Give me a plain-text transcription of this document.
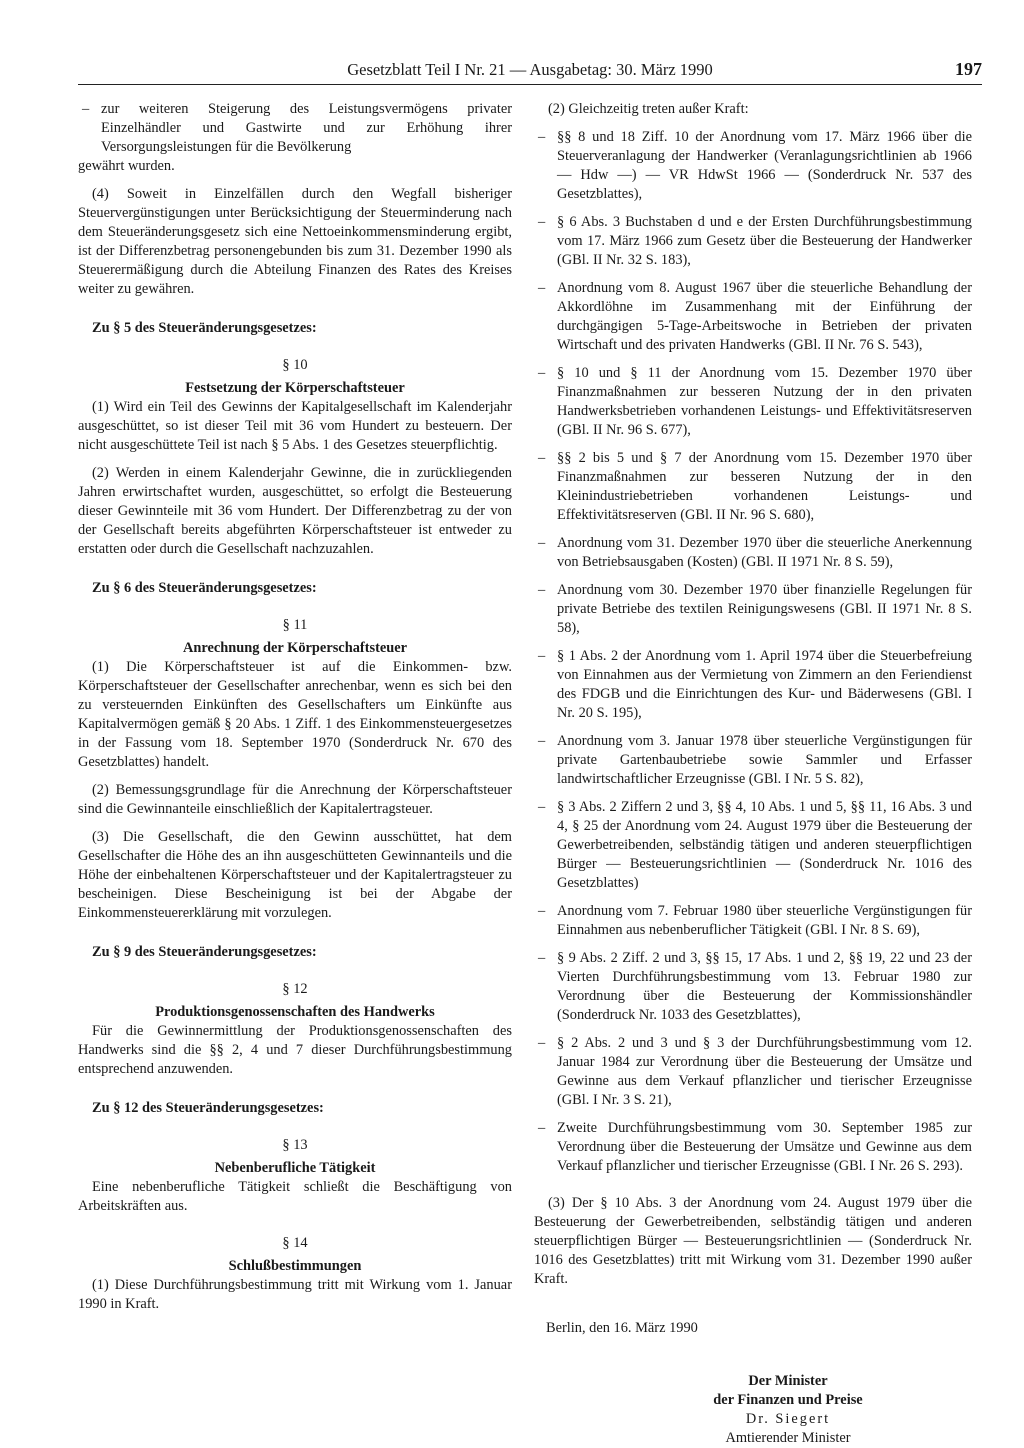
Gesetzblatt Teil I Nr. 21 — Ausgabetag: 30. März 1990	197
– zur weiteren Steigerung des Leistungsvermögens privater Einzelhändler und Gastwirte und zur Erhöhung ihrer Versorgungsleistungen für die Bevölkerung

gewährt wurden.

(4) Soweit in Einzelfällen durch den Wegfall bisheriger Steuervergünstigungen unter Berücksichtigung der Steuerminderung nach dem Steueränderungsgesetz sich eine Nettoeinkommensminderung ergibt, ist der Differenzbetrag personengebunden bis zum 31. Dezember 1990 als Steuerermäßigung durch die Abteilung Finanzen des Rates des Kreises weiter zu gewähren.

Zu § 5 des Steueränderungsgesetzes:

§ 10

Festsetzung der Körperschaftsteuer

(1) Wird ein Teil des Gewinns der Kapitalgesellschaft im Kalenderjahr ausgeschüttet, so ist dieser Teil mit 36 vom Hundert zu besteuern. Der nicht ausgeschüttete Teil ist nach § 5 Abs. 1 des Gesetzes steuerpflichtig.

(2) Werden in einem Kalenderjahr Gewinne, die in zurückliegenden Jahren erwirtschaftet wurden, ausgeschüttet, so erfolgt die Besteuerung dieser Gewinnteile mit 36 vom Hundert. Der Differenzbetrag zu der von der Gesellschaft bereits abgeführten Körperschaftsteuer ist entweder zu erstatten oder durch die Gesellschaft nachzuzahlen.

Zu § 6 des Steueränderungsgesetzes:

§ 11

Anrechnung der Körperschaftsteuer

(1) Die Körperschaftsteuer ist auf die Einkommen- bzw. Körperschaftsteuer der Gesellschafter anrechenbar, wenn es sich bei den zu versteuernden Einkünften des Gesellschafters um Einkünfte aus Kapitalvermögen gemäß § 20 Abs. 1 Ziff. 1 des Einkommensteuergesetzes in der Fassung vom 18. September 1970 (Sonderdruck Nr. 670 des Gesetzblattes) handelt.

(2) Bemessungsgrundlage für die Anrechnung der Körperschaftsteuer sind die Gewinnanteile einschließlich der Kapitalertragsteuer.

(3) Die Gesellschaft, die den Gewinn ausschüttet, hat dem Gesellschafter die Höhe des an ihn ausgeschütteten Gewinnanteils und die Höhe der einbehaltenen Körperschaftsteuer und der Kapitalertragsteuer zu bescheinigen. Diese Bescheinigung ist bei der Abgabe der Einkommensteuererklärung mit vorzulegen.

Zu § 9 des Steueränderungsgesetzes:

§ 12

Produktionsgenossenschaften des Handwerks

Für die Gewinnermittlung der Produktionsgenossenschaften des Handwerks sind die §§ 2, 4 und 7 dieser Durchführungsbestimmung entsprechend anzuwenden.

Zu § 12 des Steueränderungsgesetzes:

§ 13

Nebenberufliche Tätigkeit

Eine nebenberufliche Tätigkeit schließt die Beschäftigung von Arbeitskräften aus.

§ 14

Schlußbestimmungen

(1) Diese Durchführungsbestimmung tritt mit Wirkung vom 1. Januar 1990 in Kraft.

(2) Gleichzeitig treten außer Kraft:

– §§ 8 und 18 Ziff. 10 der Anordnung vom 17. März 1966 über die Steuerveranlagung der Handwerker (Veranlagungsrichtlinien ab 1966 — Hdw —) — VR HdwSt 1966 — (Sonderdruck Nr. 537 des Gesetzblattes),

– § 6 Abs. 3 Buchstaben d und e der Ersten Durchführungsbestimmung vom 17. März 1966 zum Gesetz über die Besteuerung der Handwerker (GBl. II Nr. 32 S. 183),

– Anordnung vom 8. August 1967 über die steuerliche Behandlung der Akkordlöhne im Zusammenhang mit der Einführung der durchgängigen 5-Tage-Arbeitswoche in Betrieben der privaten Wirtschaft und des privaten Handwerks (GBl. II Nr. 76 S. 543),

– § 10 und § 11 der Anordnung vom 15. Dezember 1970 über Finanzmaßnahmen zur besseren Nutzung der in den privaten Handwerksbetrieben vorhandenen Leistungs- und Effektivitätsreserven (GBl. II Nr. 96 S. 677),

– §§ 2 bis 5 und § 7 der Anordnung vom 15. Dezember 1970 über Finanzmaßnahmen zur besseren Nutzung der in den Kleinindustriebetrieben vorhandenen Leistungs- und Effektivitätsreserven (GBl. II Nr. 96 S. 680),

– Anordnung vom 31. Dezember 1970 über die steuerliche Anerkennung von Betriebsausgaben (Kosten) (GBl. II 1971 Nr. 8 S. 59),

– Anordnung vom 30. Dezember 1970 über finanzielle Regelungen für private Betriebe des textilen Reinigungswesens (GBl. II 1971 Nr. 8 S. 58),

– § 1 Abs. 2 der Anordnung vom 1. April 1974 über die Steuerbefreiung von Einnahmen aus der Vermietung von Zimmern an den Feriendienst des FDGB und die Einrichtungen des Kur- und Bäderwesens (GBl. I Nr. 20 S. 195),

– Anordnung vom 3. Januar 1978 über steuerliche Vergünstigungen für private Gartenbaubetriebe sowie Sammler und Erfasser landwirtschaftlicher Erzeugnisse (GBl. I Nr. 5 S. 82),

– § 3 Abs. 2 Ziffern 2 und 3, §§ 4, 10 Abs. 1 und 5, §§ 11, 16 Abs. 3 und 4, § 25 der Anordnung vom 24. August 1979 über die Besteuerung der Gewerbetreibenden, selbständig tätigen und anderen steuerpflichtigen Bürger — Besteuerungsrichtlinien — (Sonderdruck Nr. 1016 des Gesetzblattes)

– Anordnung vom 7. Februar 1980 über steuerliche Vergünstigungen für Einnahmen aus nebenberuflicher Tätigkeit (GBl. I Nr. 8 S. 69),

– § 9 Abs. 2 Ziff. 2 und 3, §§ 15, 17 Abs. 1 und 2, §§ 19, 22 und 23 der Vierten Durchführungsbestimmung vom 13. Februar 1980 zur Verordnung über die Besteuerung der Kommissionshändler (Sonderdruck Nr. 1033 des Gesetzblattes),

– § 2 Abs. 2 und 3 und § 3 der Durchführungsbestimmung vom 12. Januar 1984 zur Verordnung über die Besteuerung der Umsätze und Gewinne aus dem Verkauf pflanzlicher und tierischer Erzeugnisse (GBl. I Nr. 3 S. 21),

– Zweite Durchführungsbestimmung vom 30. September 1985 zur Verordnung über die Besteuerung der Umsätze und Gewinne aus dem Verkauf pflanzlicher und tierischer Erzeugnisse (GBl. I Nr. 26 S. 293).

(3) Der § 10 Abs. 3 der Anordnung vom 24. August 1979 über die Besteuerung der Gewerbetreibenden, selbständig tätigen und anderen steuerpflichtigen Bürger — Besteuerungsrichtlinien — (Sonderdruck Nr. 1016 des Gesetzblattes) tritt mit Wirkung vom 31. Dezember 1990 außer Kraft.

Berlin, den 16. März 1990

Der Minister
der Finanzen und Preise
Dr. Siegert
Amtierender Minister
